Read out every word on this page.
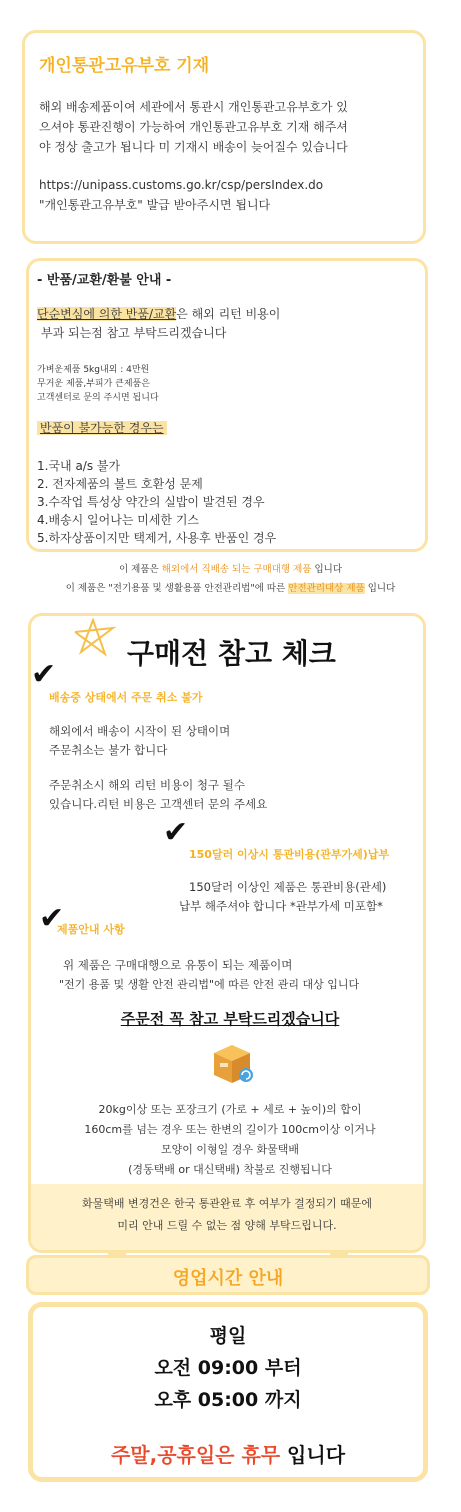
개인통관고유부호 기재
해외 배송제품이여 세관에서 통관시 개인통관고유부호가 있
으셔야 통관진행이 가능하여 개인통관고유부호 기재 해주셔
야 정상 출고가 됩니다 미 기재시 배송이 늦어질수 있습니다
https://unipass.customs.go.kr/csp/persIndex.do
"개인통관고유부호" 발급 받아주시면 됩니다
- 반품/교환/환불 안내 -
단순변심에 의한 반품/교환은 해외 리턴 비용이
부과 되는점 참고 부탁드리겠습니다
가벼운제품 5kg내외 : 4만원
무거운 제품,부피가 큰제품은
고객센터로 문의 주시면 됩니다
반품이 불가능한 경우는
1.국내 a/s 불가
2. 전자제품의 볼트 호환성 문제
3.수작업 특성상 약간의 실밥이 발견된 경우
4.배송시 일어나는 미세한 기스
5.하자상품이지만 택제거, 사용후 반품인 경우
이 제품은 해외에서 직배송 되는 구매대행 제품 입니다
이 제품은 "전기용품 및 생활용품 안전관리법"에 따른 안전관리대상 제품 입니다
구매전 참고 체크
✔
배송중 상태에서 주문 취소 불가
해외에서 배송이 시작이 된 상태이며
주문취소는 불가 합니다
주문취소시 해외 리턴 비용이 청구 될수
있습니다.리턴 비용은 고객센터 문의 주세요
✔
150달러 이상시 통관비용(관부가세)납부
150달러 이상인 제품은 통관비용(관세)
납부 해주셔야 합니다 *관부가세 미포함*
✔
제품안내 사항
위 제품은 구매대행으로 유통이 되는 제품이며
"전기 용품 및 생활 안전 관리법"에 따른 안전 관리 대상 입니다
주문전 꼭 참고 부탁드리겠습니다
20kg이상 또는 포장크기 (가로 + 세로 + 높이)의 합이
160cm를 넘는 경우 또는 한변의 길이가 100cm이상 이거나
모양이 이형일 경우 화물택배
(경동택배 or 대신택배) 착불로 진행됩니다
화물택배 변경건은 한국 통관완료 후 여부가 결정되기 때문에
미리 안내 드릴 수 없는 점 양해 부탁드립니다.
영업시간 안내
평일
오전 09:00 부터
오후 05:00 까지
주말,공휴일은 휴무 입니다
